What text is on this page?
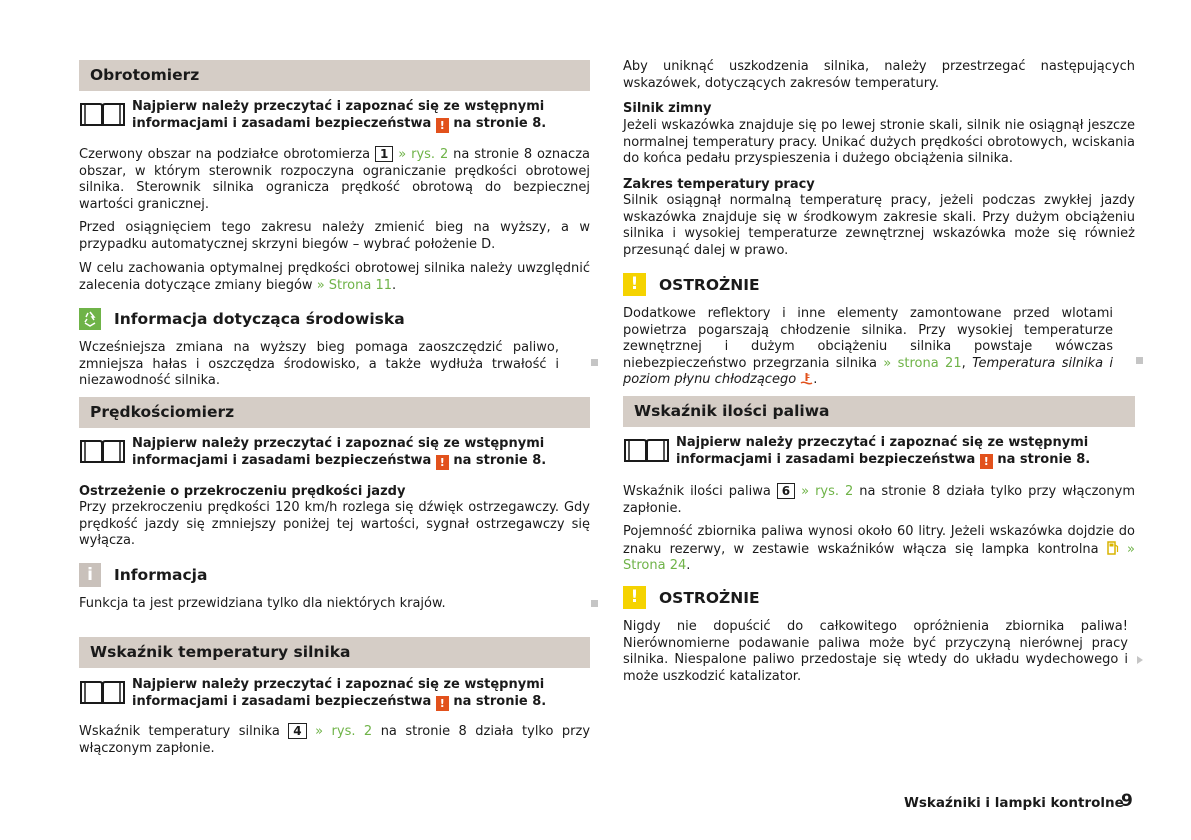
Obrotomierz
Najpierw należy przeczytać i zapoznać się ze wstępnymi informacjami i zasadami bezpieczeństwa ! na stronie 8.
Czerwony obszar na podziałce obrotomierza 1 » rys. 2 na stronie 8 oznacza obszar, w którym sterownik rozpoczyna ograniczanie prędkości obrotowej silnika. Sterownik silnika ogranicza prędkość obrotową do bezpiecznej wartości granicznej.
Przed osiągnięciem tego zakresu należy zmienić bieg na wyższy, a w przypadku automatycznej skrzyni biegów – wybrać położenie D.
W celu zachowania optymalnej prędkości obrotowej silnika należy uwzględnić zalecenia dotyczące zmiany biegów » Strona 11.
Informacja dotycząca środowiska
Wcześniejsza zmiana na wyższy bieg pomaga zaoszczędzić paliwo, zmniejsza hałas i oszczędza środowisko, a także wydłuża trwałość i niezawodność silnika.
Prędkościomierz
Najpierw należy przeczytać i zapoznać się ze wstępnymi informacjami i zasadami bezpieczeństwa ! na stronie 8.
Ostrzeżenie o przekroczeniu prędkości jazdy
Przy przekroczeniu prędkości 120 km/h rozlega się dźwięk ostrzegawczy. Gdy prędkość jazdy się zmniejszy poniżej tej wartości, sygnał ostrzegawczy się wyłącza.
i	Informacja
Funkcja ta jest przewidziana tylko dla niektórych krajów.
Wskaźnik temperatury silnika
Najpierw należy przeczytać i zapoznać się ze wstępnymi informacjami i zasadami bezpieczeństwa ! na stronie 8.
Wskaźnik temperatury silnika 4 » rys. 2 na stronie 8 działa tylko przy włączonym zapłonie.
Aby uniknąć uszkodzenia silnika, należy przestrzegać następujących wskazówek, dotyczących zakresów temperatury.
Silnik zimny
Jeżeli wskazówka znajduje się po lewej stronie skali, silnik nie osiągnął jeszcze normalnej temperatury pracy. Unikać dużych prędkości obrotowych, wciskania do końca pedału przyspieszenia i dużego obciążenia silnika.
Zakres temperatury pracy
Silnik osiągnął normalną temperaturę pracy, jeżeli podczas zwykłej jazdy wskazówka znajduje się w środkowym zakresie skali. Przy dużym obciążeniu silnika i wysokiej temperaturze zewnętrznej wskazówka może się również przesunąć dalej w prawo.
!	OSTROŻNIE
Dodatkowe reflektory i inne elementy zamontowane przed wlotami powietrza pogarszają chłodzenie silnika. Przy wysokiej temperaturze zewnętrznej i dużym obciążeniu silnika powstaje wówczas niebezpieczeństwo przegrzania silnika » strona 21, Temperatura silnika i poziom płynu chłodzącego .
Wskaźnik ilości paliwa
Najpierw należy przeczytać i zapoznać się ze wstępnymi informacjami i zasadami bezpieczeństwa ! na stronie 8.
Wskaźnik ilości paliwa 6 » rys. 2 na stronie 8 działa tylko przy włączonym zapłonie.
Pojemność zbiornika paliwa wynosi około 60 litry. Jeżeli wskazówka dojdzie do znaku rezerwy, w zestawie wskaźników włącza się lampka kontrolna » Strona 24.
!	OSTROŻNIE
Nigdy nie dopuścić do całkowitego opróżnienia zbiornika paliwa! Nierównomierne podawanie paliwa może być przyczyną nierównej pracy silnika. Niespalone paliwo przedostaje się wtedy do układu wydechowego i może uszkodzić katalizator.
Wskaźniki i lampki kontrolne
9
